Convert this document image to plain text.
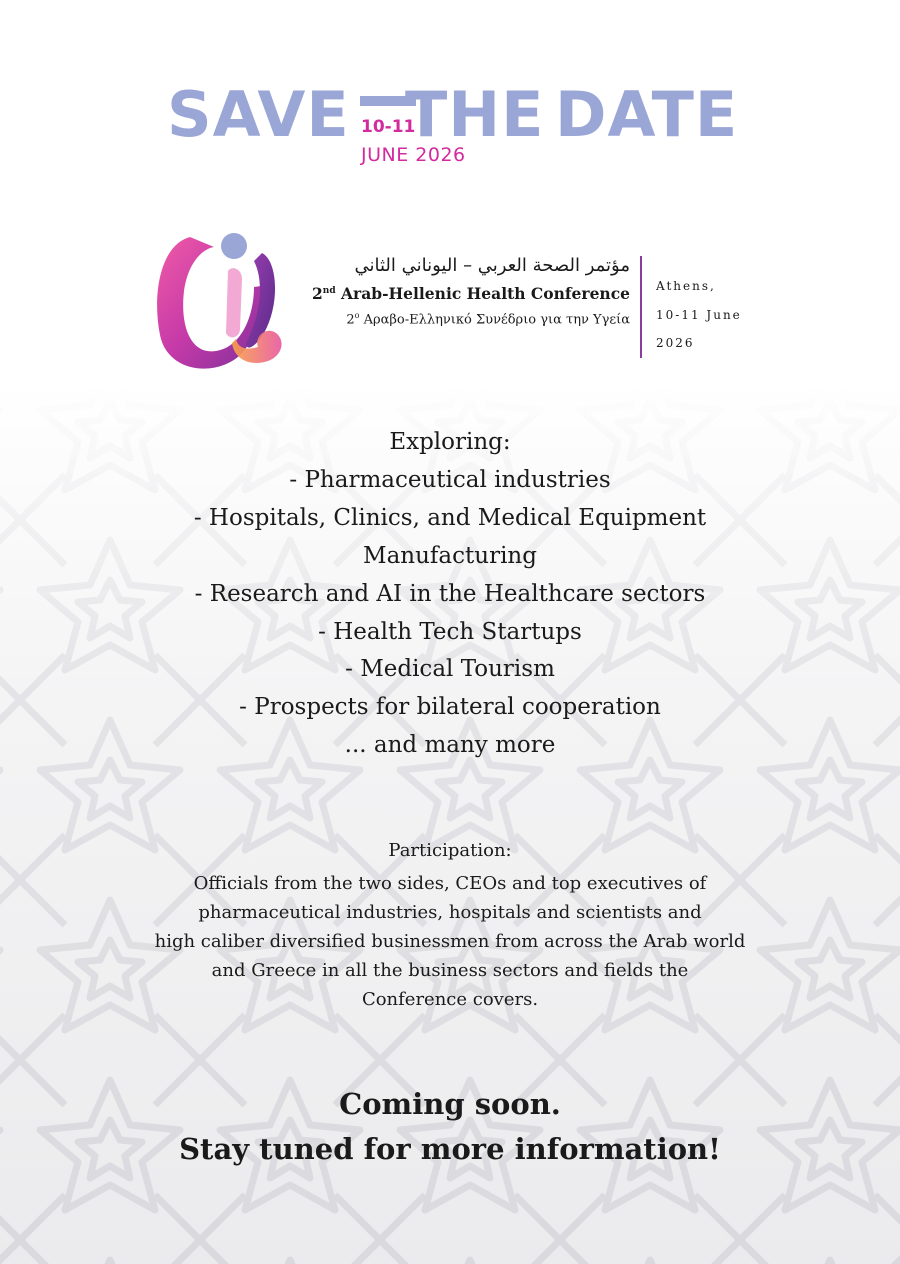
SAVE THE DATE
10-11
JUNE 2026
مؤتمر الصحة العربي – اليوناني الثاني
2nd Arab-Hellenic Health Conference
2$^o$ Αραβο-Ελληνικό Συνέδριο για την Υγεία
Athens,
10-11 June
2026
Exploring:
- Pharmaceutical industries
- Hospitals, Clinics, and Medical Equipment
Manufacturing
- Research and AI in the Healthcare sectors
- Health Tech Startups
- Medical Tourism
- Prospects for bilateral cooperation
... and many more
Participation:
Officials from the two sides, CEOs and top executives of
pharmaceutical industries, hospitals and scientists and
high caliber diversified businessmen from across the Arab world
and Greece in all the business sectors and fields the
Conference covers.
Coming soon.
Stay tuned for more information!
